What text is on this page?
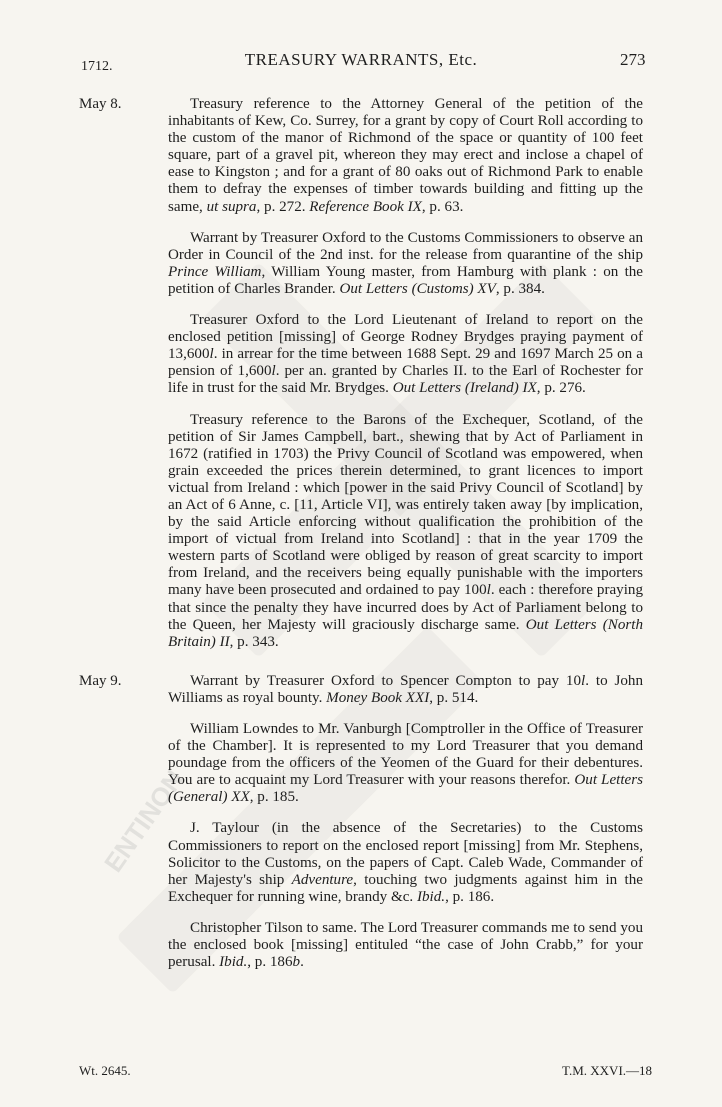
ENTINON
TREASURY WARRANTS, Etc.	273
1712.
May 8.	Treasury reference to the Attorney General of the petition of the inhabitants of Kew, Co. Surrey, for a grant by copy of Court Roll according to the custom of the manor of Richmond of the space or quantity of 100 feet square, part of a gravel pit, whereon they may erect and inclose a chapel of ease to Kingston ; and for a grant of 80 oaks out of Richmond Park to enable them to defray the expenses of timber towards building and fitting up the same, ut supra, p. 272. Reference Book IX, p. 63.
Warrant by Treasurer Oxford to the Customs Commissioners to observe an Order in Council of the 2nd inst. for the release from quarantine of the ship Prince William, William Young master, from Hamburg with plank : on the petition of Charles Brander. Out Letters (Customs) XV, p. 384.
Treasurer Oxford to the Lord Lieutenant of Ireland to report on the enclosed petition [missing] of George Rodney Brydges praying payment of 13,600l. in arrear for the time between 1688 Sept. 29 and 1697 March 25 on a pension of 1,600l. per an. granted by Charles II. to the Earl of Rochester for life in trust for the said Mr. Brydges. Out Letters (Ireland) IX, p. 276.
Treasury reference to the Barons of the Exchequer, Scotland, of the petition of Sir James Campbell, bart., shewing that by Act of Parliament in 1672 (ratified in 1703) the Privy Council of Scotland was empowered, when grain exceeded the prices therein determined, to grant licences to import victual from Ireland : which [power in the said Privy Council of Scotland] by an Act of 6 Anne, c. [11, Article VI], was entirely taken away [by implication, by the said Article enforcing without qualification the prohibition of the import of victual from Ireland into Scotland] : that in the year 1709 the western parts of Scotland were obliged by reason of great scarcity to import from Ireland, and the receivers being equally punishable with the importers many have been prosecuted and ordained to pay 100l. each : therefore praying that since the penalty they have incurred does by Act of Parliament belong to the Queen, her Majesty will graciously discharge same. Out Letters (North Britain) II, p. 343.
May 9.	Warrant by Treasurer Oxford to Spencer Compton to pay 10l. to John Williams as royal bounty. Money Book XXI, p. 514.
William Lowndes to Mr. Vanburgh [Comptroller in the Office of Treasurer of the Chamber]. It is represented to my Lord Treasurer that you demand poundage from the officers of the Yeomen of the Guard for their debentures. You are to acquaint my Lord Treasurer with your reasons therefor. Out Letters (General) XX, p. 185.
J. Taylour (in the absence of the Secretaries) to the Customs Commissioners to report on the enclosed report [missing] from Mr. Stephens, Solicitor to the Customs, on the papers of Capt. Caleb Wade, Commander of her Majesty's ship Adventure, touching two judgments against him in the Exchequer for running wine, brandy &c. Ibid., p. 186.
Christopher Tilson to same. The Lord Treasurer commands me to send you the enclosed book [missing] entituled “the case of John Crabb,” for your perusal. Ibid., p. 186b.
Wt. 2645.	T.M. XXVI.—18
